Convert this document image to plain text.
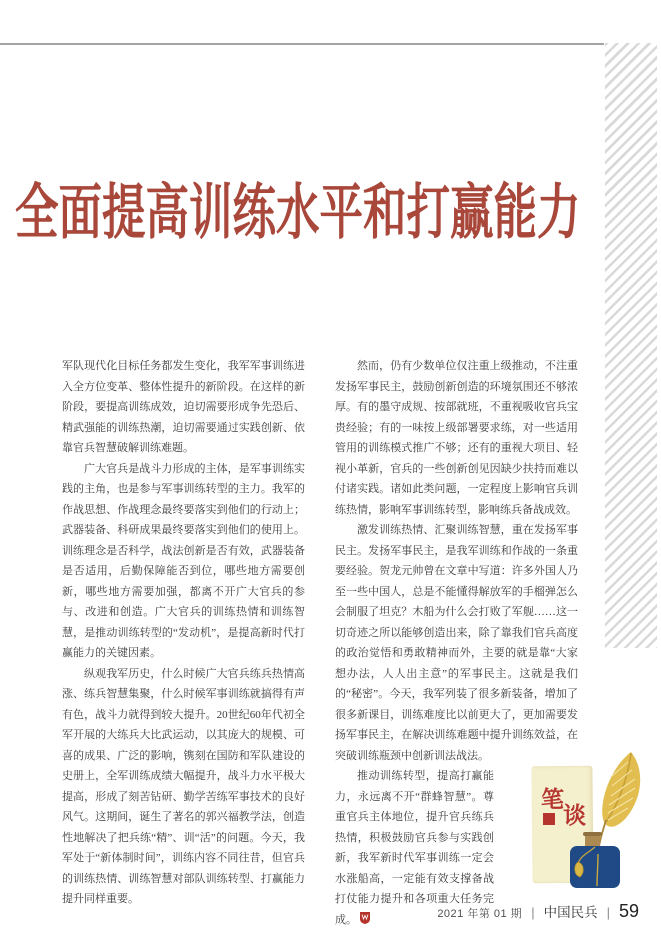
全面提高训练水平和打赢能力

军队现代化目标任务都发生变化，我军军事训练进入全方位变革、整体性提升的新阶段。在这样的新阶段，要提高训练成效，迫切需要形成争先恐后、精武强能的训练热潮，迫切需要通过实践创新、依靠官兵智慧破解训练难题。

广大官兵是战斗力形成的主体，是军事训练实践的主角，也是参与军事训练转型的主力。我军的作战思想、作战理念最终要落实到他们的行动上；武器装备、科研成果最终要落实到他们的使用上。训练理念是否科学，战法创新是否有效，武器装备是否适用，后勤保障能否到位，哪些地方需要创新，哪些地方需要加强，都离不开广大官兵的参与、改进和创造。广大官兵的训练热情和训练智慧，是推动训练转型的“发动机”，是提高新时代打赢能力的关键因素。

纵观我军历史，什么时候广大官兵练兵热情高涨、练兵智慧集聚，什么时候军事训练就搞得有声有色，战斗力就得到较大提升。20世纪60年代初全军开展的大练兵大比武运动，以其庞大的规模、可喜的成果、广泛的影响，镌刻在国防和军队建设的史册上，全军训练成绩大幅提升，战斗力水平极大提高，形成了刻苦钻研、勤学苦练军事技术的良好风气。这期间，诞生了著名的郭兴福教学法，创造性地解决了把兵练“精”、训“活”的问题。今天，我军处于“新体制时间”，训练内容不同往昔，但官兵的训练热情、训练智慧对部队训练转型、打赢能力提升同样重要。

然而，仍有少数单位仅注重上级推动，不注重发扬军事民主，鼓励创新创造的环境氛围还不够浓厚。有的墨守成规、按部就班，不重视吸收官兵宝贵经验；有的一味按上级部署要求练，对一些适用管用的训练模式推广不够；还有的重视大项目、轻视小革新，官兵的一些创新创见因缺少扶持而难以付诸实践。诸如此类问题，一定程度上影响官兵训练热情，影响军事训练转型，影响练兵备战成效。

激发训练热情、汇聚训练智慧，重在发扬军事民主。发扬军事民主，是我军训练和作战的一条重要经验。贺龙元帅曾在文章中写道：许多外国人乃至一些中国人，总是不能懂得解放军的手榴弹怎么会制服了坦克？木船为什么会打败了军舰……这一切奇迹之所以能够创造出来，除了靠我们官兵高度的政治觉悟和勇敢精神而外，主要的就是靠“大家想办法，人人出主意”的军事民主。这就是我们的“秘密”。今天，我军列装了很多新装备，增加了很多新课目，训练难度比以前更大了，更加需要发扬军事民主，在解决训练难题中提升训练效益，在突破训练瓶颈中创新训法战法。

推动训练转型，提高打赢能力，永远离不开“群蜂智慧”。尊重官兵主体地位，提升官兵练兵热情，积极鼓励官兵参与实践创新，我军新时代军事训练一定会水涨船高，一定能有效支撑备战打仗能力提升和各项重大任务完成。

笔
谈
2021 年第 01 期 | 中国民兵 | 59
